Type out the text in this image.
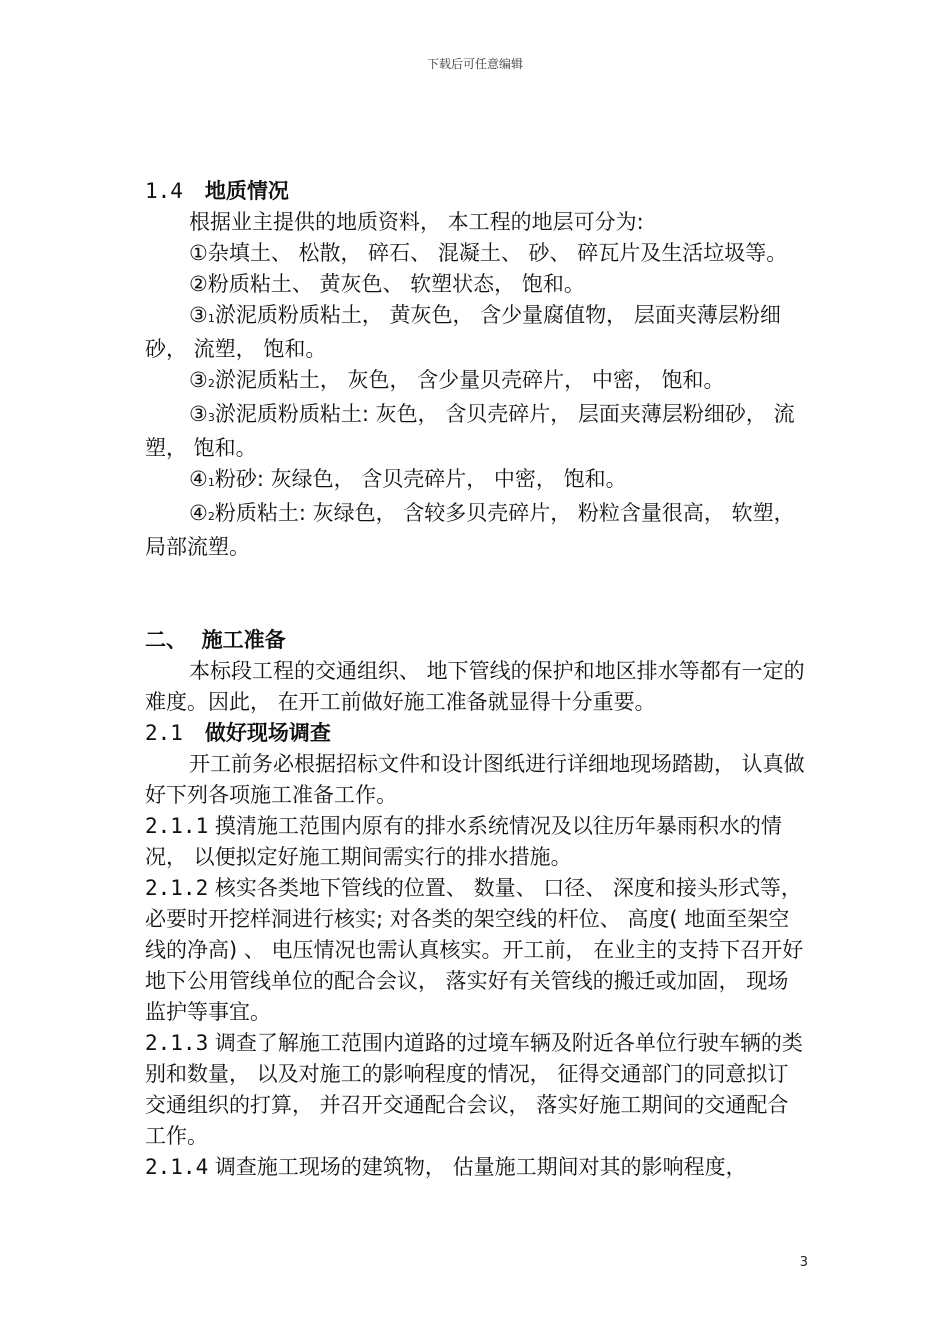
下载后可任意编辑

1.4 地质情况

根据业主提供的地质资料， 本工程的地层可分为:

①杂填土、 松散， 碎石、 混凝土、 砂、 碎瓦片及生活垃圾等。

②粉质粘土、 黄灰色、 软塑状态， 饱和。

③1淤泥质粉质粘土， 黄灰色， 含少量腐值物， 层面夹薄层粉细砂， 流塑， 饱和。

③2淤泥质粘土， 灰色， 含少量贝壳碎片， 中密， 饱和。

③3淤泥质粉质粘土: 灰色， 含贝壳碎片， 层面夹薄层粉细砂， 流塑， 饱和。

④1粉砂: 灰绿色， 含贝壳碎片， 中密， 饱和。

④2粉质粘土: 灰绿色， 含较多贝壳碎片， 粉粒含量很高， 软塑， 局部流塑。

二、 施工准备

本标段工程的交通组织、 地下管线的保护和地区排水等都有一定的难度。因此， 在开工前做好施工准备就显得十分重要。

2.1 做好现场调查

开工前务必根据招标文件和设计图纸进行详细地现场踏勘， 认真做好下列各项施工准备工作。

2.1.1 摸清施工范围内原有的排水系统情况及以往历年暴雨积水的情况， 以便拟定好施工期间需实行的排水措施。

2.1.2 核实各类地下管线的位置、 数量、 口径、 深度和接头形式等， 必要时开挖样洞进行核实; 对各类的架空线的杆位、 高度( 地面至架空线的净高) 、 电压情况也需认真核实。开工前， 在业主的支持下召开好地下公用管线单位的配合会议， 落实好有关管线的搬迁或加固， 现场监护等事宜。

2.1.3 调查了解施工范围内道路的过境车辆及附近各单位行驶车辆的类别和数量， 以及对施工的影响程度的情况， 征得交通部门的同意拟订交通组织的打算， 并召开交通配合会议， 落实好施工期间的交通配合工作。

2.1.4 调查施工现场的建筑物， 估量施工期间对其的影响程度，

3
